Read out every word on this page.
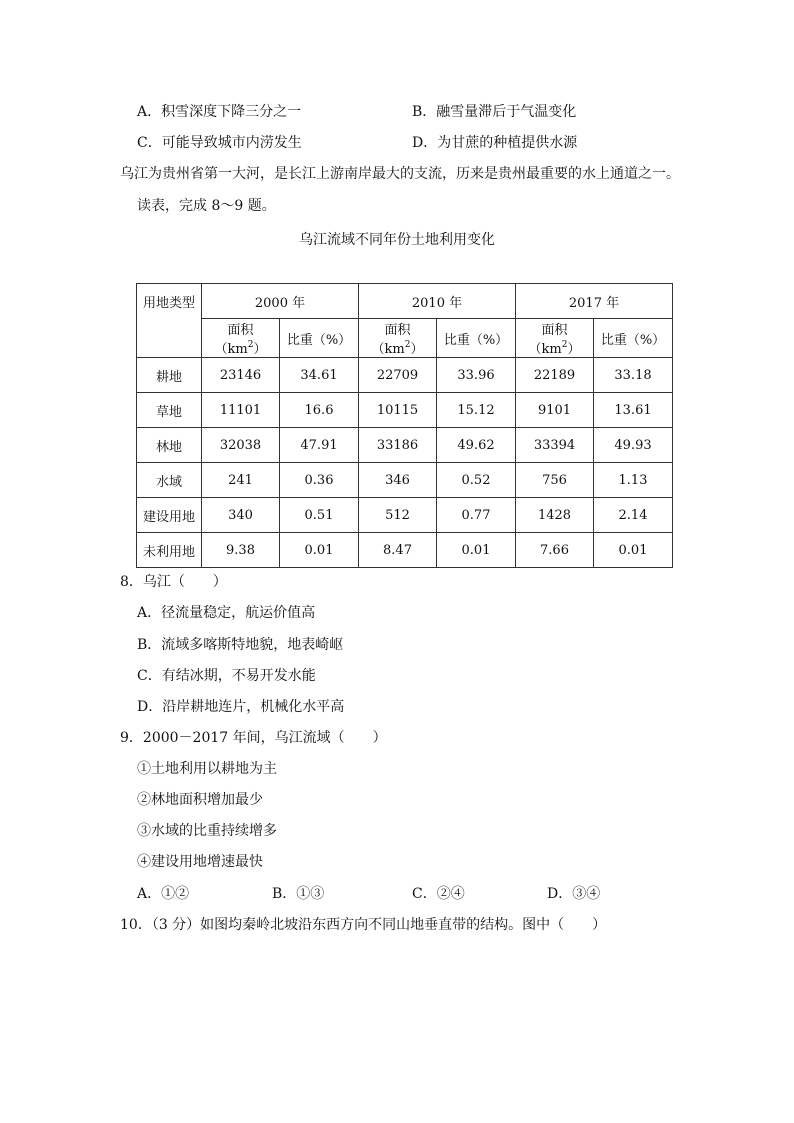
A．积雪深度下降三分之一	B．融雪量滞后于气温变化
C．可能导致城市内涝发生	D．为甘蔗的种植提供水源
乌江为贵州省第一大河，是长江上游南岸最大的支流，历来是贵州最重要的水上通道之一。
读表，完成 8～9 题。
乌江流域不同年份土地利用变化
用地类型	2000 年		2010 年		2017 年	
	面积$(km^2)$	比重（%）	面积$(km^2)$	比重（%）	面积$(km^2)$	比重（%）
耕地	23146	34.61	22709	33.96	22189	33.18
草地	11101	16.6	10115	15.12	9101	13.61
林地	32038	47.91	33186	49.62	33394	49.93
水域	241	0.36	346	0.52	756	1.13
建设用地	340	0.51	512	0.77	1428	2.14
未利用地	9.38	0.01	8.47	0.01	7.66	0.01
8．乌江（　　）
A．径流量稳定，航运价值高
B．流域多喀斯特地貌，地表崎岖
C．有结冰期，不易开发水能
D．沿岸耕地连片，机械化水平高
9．2000－2017 年间，乌江流域（　　）
①土地利用以耕地为主
②林地面积增加最少
③水域的比重持续增多
④建设用地增速最快
A．①②	B．①③	C．②④	D．③④
10．（3 分）如图均秦岭北坡沿东西方向不同山地垂直带的结构。图中（　　）
